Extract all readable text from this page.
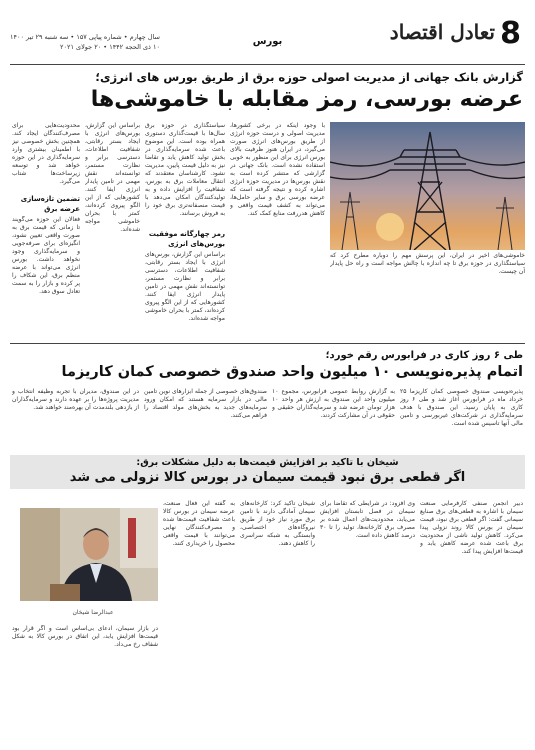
8
تعادل اقتصاد
بورس
سال چهارم • شماره پیاپی ۱۵۷ • سه شنبه ۲۹ تیر ۱۴۰۰
۱۰ ذی الحجه ۱۴۴۲ • ۲۰ جولای ۲۰۲۱
گزارش بانک جهانی از مدیریت اصولی حوزه برق از طریق بورس های انرژی؛
عرضه بورسی، رمز مقابله با خاموشی‌ها
خاموشی‌های اخیر در ایران، این پرسش مهم را دوباره مطرح کرد که سیاستگذاری در حوزه برق تا چه اندازه با چالش مواجه است و راه حل پایدار آن چیست.
با وجود اینکه در برخی کشورها، مدیریت اصولی و درست حوزه انرژی از طریق بورس‌های انرژی صورت می‌گیرد، در ایران هنوز ظرفیت بالای بورس انرژی برای این منظور به خوبی استفاده نشده است. بانک جهانی در گزارشی که منتشر کرده است به نقش بورس‌ها در مدیریت حوزه انرژی اشاره کرده و نتیجه گرفته است که عرضه بورسی برق و سایر حامل‌ها، می‌تواند به کشف قیمت واقعی و کاهش هدررفت منابع کمک کند.
سیاستگذاری در حوزه برق سال‌ها با قیمت‌گذاری دستوری همراه بوده است. این موضوع باعث شده سرمایه‌گذاری در بخش تولید کاهش یابد و تقاضا نیز به دلیل قیمت پایین، مدیریت نشود. کارشناسان معتقدند که انتقال معاملات برق به بورس، شفافیت را افزایش داده و به تولیدکنندگان امکان می‌دهد با قیمت منصفانه‌تری برق خود را به فروش برسانند.
رمز چهارگانه موفقیت بورس‌های انرژی
براساس این گزارش، بورس‌های انرژی با ایجاد بستر رقابتی، شفافیت اطلاعات، دسترسی برابر و نظارت مستمر، توانسته‌اند نقش مهمی در تامین پایدار انرژی ایفا کنند. کشورهایی که از این الگو پیروی کرده‌اند، کمتر با بحران خاموشی مواجه شده‌اند.
براساس این گزارش، بورس‌های انرژی با ایجاد بستر رقابتی، شفافیت اطلاعات، دسترسی برابر و نظارت مستمر، توانسته‌اند نقش مهمی در تامین پایدار انرژی ایفا کنند. کشورهایی که از این الگو پیروی کرده‌اند، کمتر با بحران خاموشی مواجه شده‌اند.
محدودیت‌هایی برای مصرف‌کنندگان ایجاد کند. همچنین بخش خصوصی نیز با اطمینان بیشتری وارد سرمایه‌گذاری در این حوزه خواهد شد و توسعه زیرساخت‌ها شتاب می‌گیرد.
تضمین تازه‌سازی عرضه برق
فعالان این حوزه می‌گویند تا زمانی که قیمت برق به صورت واقعی تعیین نشود، انگیزه‌ای برای صرفه‌جویی و سرمایه‌گذاری وجود نخواهد داشت. بورس انرژی می‌تواند با عرضه منظم برق، این شکاف را پر کرده و بازار را به سمت تعادل سوق دهد.
طی ۶ روز کاری در فرابورس رقم خورد؛
اتمام پذیره‌نویسی ۱۰ میلیون واحد صندوق خصوصی کمان کاریزما
پذیره‌نویسی صندوق خصوصی کمان کاریزما ۲۵ خرداد ماه در فرابورس آغاز شد و طی ۶ روز کاری به پایان رسید. این صندوق با هدف سرمایه‌گذاری در شرکت‌های غیربورسی و تامین مالی آنها تاسیس شده است.
به گزارش روابط عمومی فرابورس، مجموع ۱۰ میلیون واحد این صندوق به ارزش هر واحد ۱۰ هزار تومان عرضه شد و سرمایه‌گذاران حقیقی و حقوقی در آن مشارکت کردند.
صندوق‌های خصوصی از جمله ابزارهای نوین تامین مالی در بازار سرمایه هستند که امکان ورود سرمایه‌های جدید به بخش‌های مولد اقتصاد را فراهم می‌کنند.
در این صندوق، مدیران با تجربه وظیفه انتخاب و مدیریت پروژه‌ها را بر عهده دارند و سرمایه‌گذاران از بازدهی بلندمدت آن بهره‌مند خواهند شد.
شیخان با تاکید بر افزایش قیمت‌ها به دلیل مشکلات برق:
اگر قطعی برق نبود قیمت سیمان در بورس کالا نزولی می شد
عبدالرضا شیخان
دبیر انجمن صنفی کارفرمایی صنعت سیمان با اشاره به قطعی‌های برق صنایع سیمانی گفت: اگر قطعی برق نبود، قیمت سیمان در بورس کالا روند نزولی پیدا می‌کرد. کاهش تولید ناشی از محدودیت برق باعث شده عرضه کاهش یابد و قیمت‌ها افزایش پیدا کند.
وی افزود: در شرایطی که تقاضا برای سیمان در فصل تابستان افزایش می‌یابد، محدودیت‌های اعمال شده بر مصرف برق کارخانه‌ها، تولید را تا ۳۰ درصد کاهش داده است.
شیخان تاکید کرد: کارخانه‌های سیمان آمادگی دارند با تامین برق مورد نیاز خود از طریق نیروگاه‌های اختصاصی، وابستگی به شبکه سراسری را کاهش دهند.
به گفته این فعال صنعت، عرضه سیمان در بورس کالا باعث شفافیت قیمت‌ها شده و مصرف‌کنندگان نهایی می‌توانند با قیمت واقعی محصول را خریداری کنند.
در بازار سیمان، ادعای بی‌اساس است و اگر قرار بود قیمت‌ها افزایش یابد، این اتفاق در بورس کالا به شکل شفاف رخ می‌داد.
